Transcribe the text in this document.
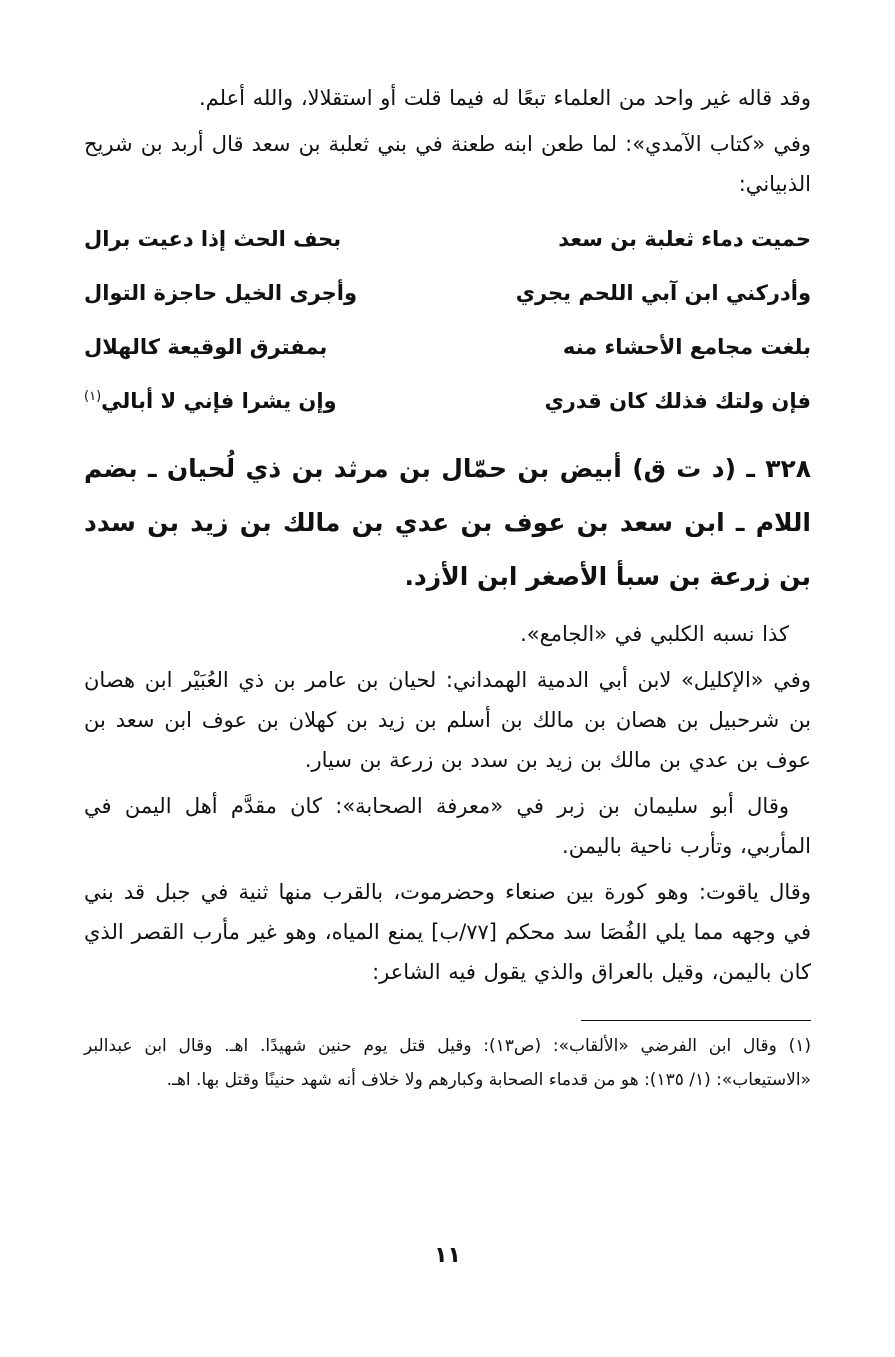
وقد قاله غير واحد من العلماء تبعًا له فيما قلت أو استقلالا، والله أعلم.

وفي «كتاب الآمدي»: لما طعن ابنه طعنة في بني ثعلبة بن سعد قال أربد بن شريح الذبياني:

حميت دماء ثعلبة بن سعد
بحف الحث إذا دعيت برال
وأدركني ابن آبي اللحم يجري
وأجرى الخيل حاجزة التوال
بلغت مجامع الأحشاء منه
بمفترق الوقيعة كالهلال
فإن ولتك فذلك كان قدري
وإن يشرا فإني لا أبالي$^{(١)}$

٣٢٨ ـ (د ت ق) أبيض بن حمّال بن مرثد بن ذي لُحيان ـ بضم اللام ـ ابن سعد بن عوف بن عدي بن مالك بن زيد بن سدد بن زرعة بن سبأ الأصغر ابن الأزد.

كذا نسبه الكلبي في «الجامع».

وفي «الإكليل» لابن أبي الدمية الهمداني: لحيان بن عامر بن ذي العُبَيْر ابن هصان بن شرحبيل بن هصان بن مالك بن أسلم بن زيد بن كهلان بن عوف ابن سعد بن عوف بن عدي بن مالك بن زيد بن سدد بن زرعة بن سيار.

وقال أبو سليمان بن زبر في «معرفة الصحابة»: كان مقدَّم أهل اليمن في المأربي، وتأرب ناحية باليمن.

وقال ياقوت: وهو كورة بين صنعاء وحضرموت، بالقرب منها ثنية في جبل قد بني في وجهه مما يلي الفُصَا سد محكم [٧٧/ب] يمنع المياه، وهو غير مأرب القصر الذي كان باليمن، وقيل بالعراق والذي يقول فيه الشاعر:

(١) وقال ابن الفرضي «الألقاب»: (ص١٣): وقيل قتل يوم حنين شهيدًا. اهـ. وقال ابن عبدالبر «الاستيعاب»: (١/ ١٣٥): هو من قدماء الصحابة وكبارهم ولا خلاف أنه شهد حنينًا وقتل بها. اهـ.

١١
